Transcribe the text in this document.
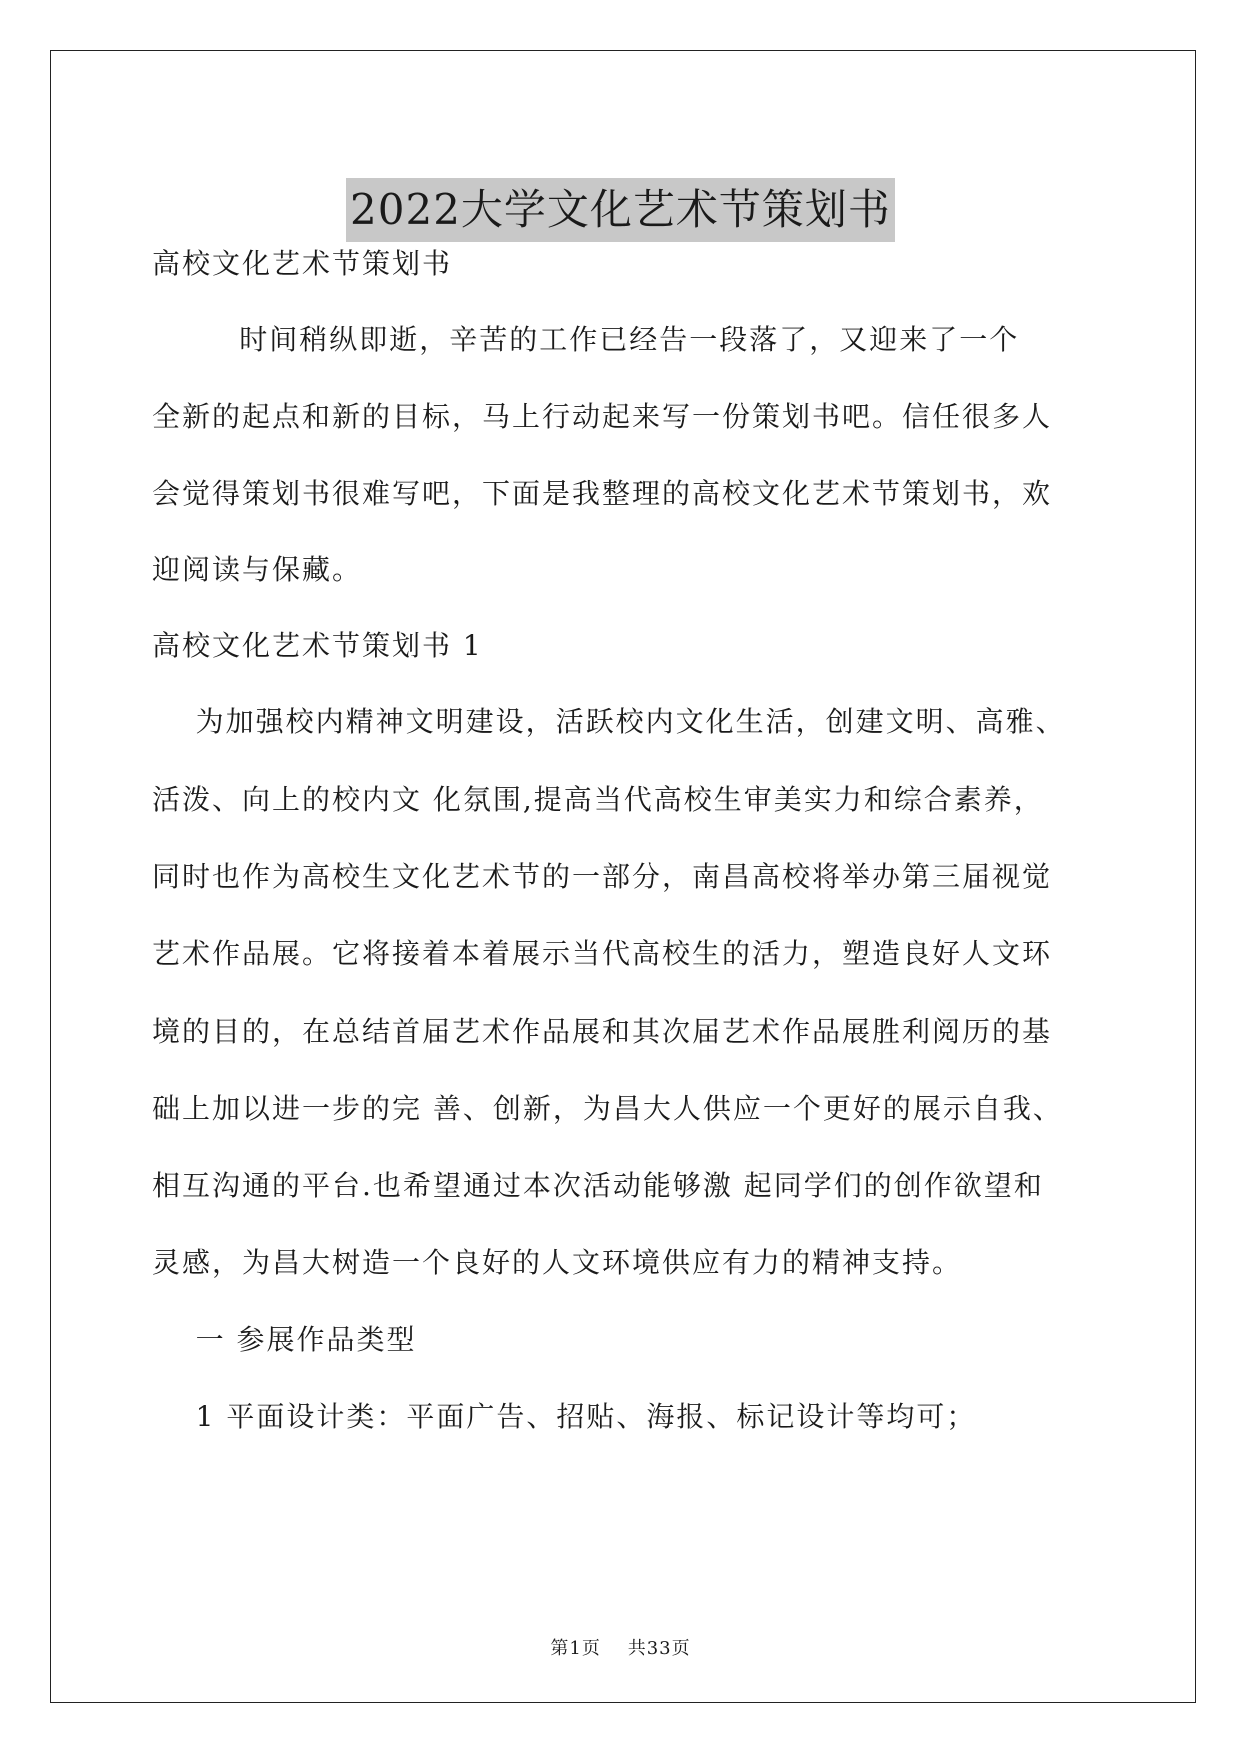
2022大学文化艺术节策划书
高校文化艺术节策划书
时间稍纵即逝，辛苦的工作已经告一段落了，又迎来了一个
全新的起点和新的目标，马上行动起来写一份策划书吧。信任很多人
会觉得策划书很难写吧，下面是我整理的高校文化艺术节策划书，欢
迎阅读与保藏。
高校文化艺术节策划书 1
为加强校内精神文明建设，活跃校内文化生活，创建文明、高雅、
活泼、向上的校内文 化氛围,提高当代高校生审美实力和综合素养，
同时也作为高校生文化艺术节的一部分，南昌高校将举办第三届视觉
艺术作品展。它将接着本着展示当代高校生的活力，塑造良好人文环
境的目的，在总结首届艺术作品展和其次届艺术作品展胜利阅历的基
础上加以进一步的完 善、创新，为昌大人供应一个更好的展示自我、
相互沟通的平台.也希望通过本次活动能够激 起同学们的创作欲望和
灵感，为昌大树造一个良好的人文环境供应有力的精神支持。
一 参展作品类型
1 平面设计类：平面广告、招贴、海报、标记设计等均可；
第1页    共33页
